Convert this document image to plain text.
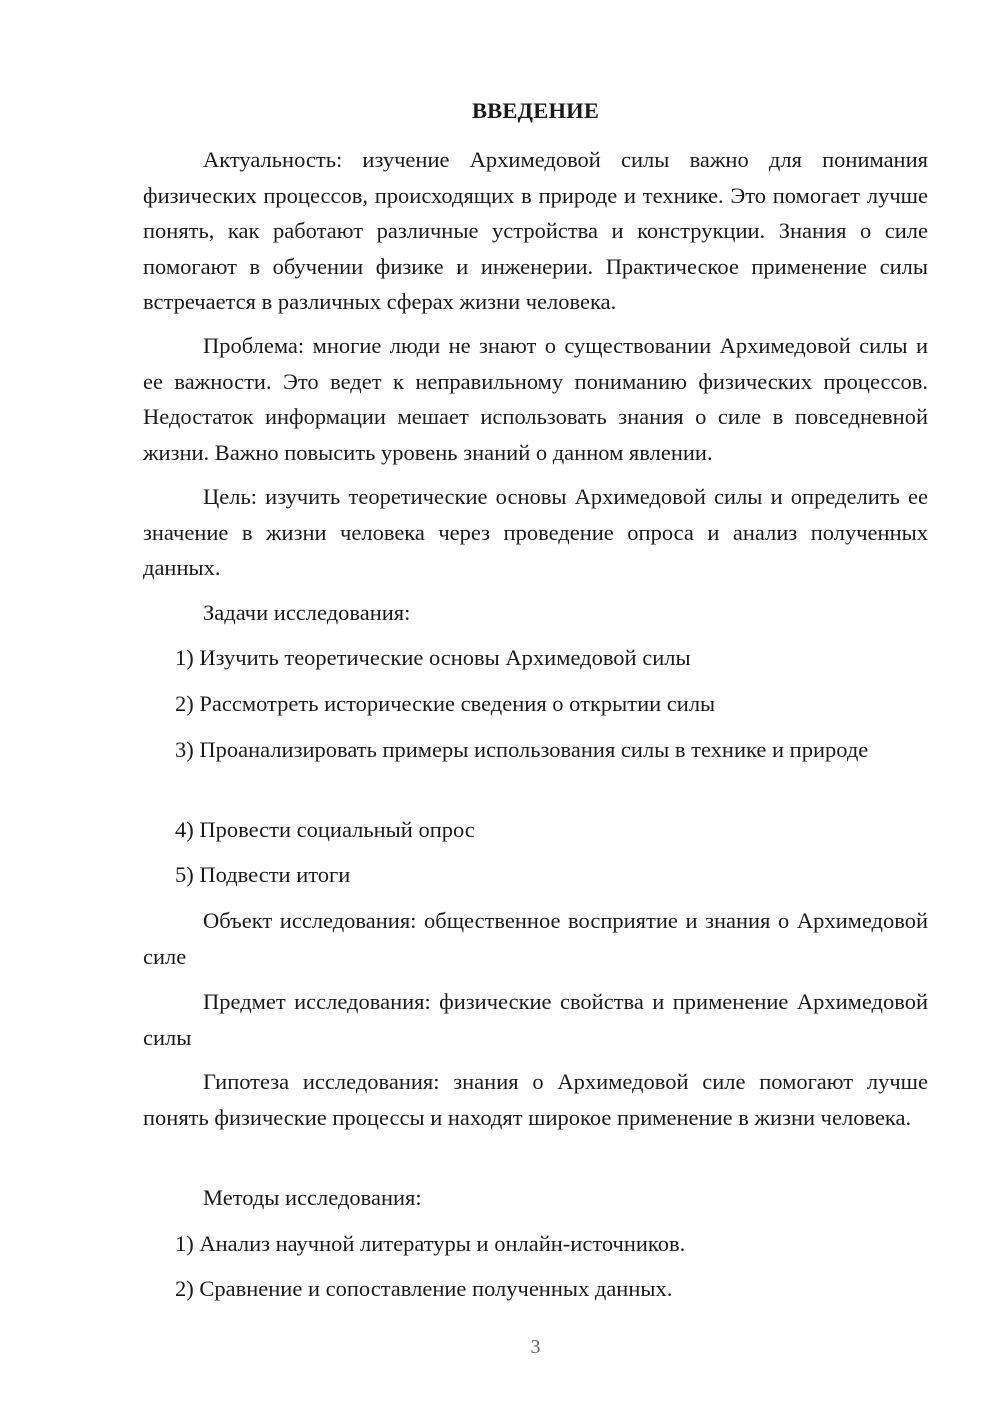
ВВЕДЕНИЕ
Актуальность: изучение Архимедовой силы важно для понимания физических процессов, происходящих в природе и технике. Это помогает лучше понять, как работают различные устройства и конструкции. Знания о силе помогают в обучении физике и инженерии. Практическое применение силы встречается в различных сферах жизни человека.
Проблема: многие люди не знают о существовании Архимедовой силы и ее важности. Это ведет к неправильному пониманию физических процессов. Недостаток информации мешает использовать знания о силе в повседневной жизни. Важно повысить уровень знаний о данном явлении.
Цель: изучить теоретические основы Архимедовой силы и определить ее значение в жизни человека через проведение опроса и анализ полученных данных.
Задачи исследования:
1) Изучить теоретические основы Архимедовой силы
2) Рассмотреть исторические сведения о открытии силы
3) Проанализировать примеры использования силы в технике и природе
4) Провести социальный опрос
5) Подвести итоги
Объект исследования: общественное восприятие и знания о Архимедовой силе
Предмет исследования: физические свойства и применение Архимедовой силы
Гипотеза исследования: знания о Архимедовой силе помогают лучше понять физические процессы и находят широкое применение в жизни человека.
Методы исследования:
1) Анализ научной литературы и онлайн-источников.
2) Сравнение и сопоставление полученных данных.
3
